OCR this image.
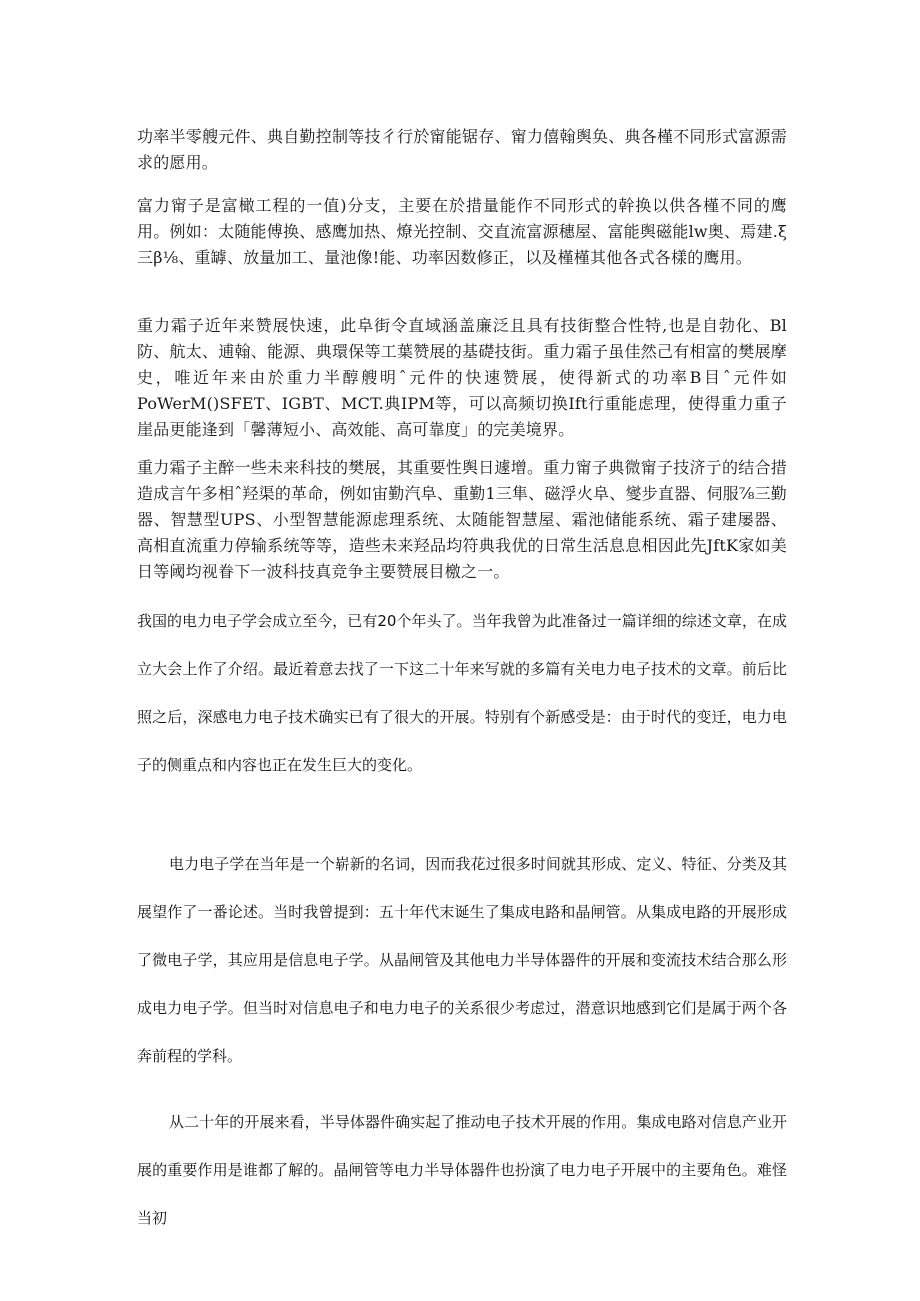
功率半零艘元件、典自勤控制等技彳行於甯能锯存、甯力僖翰舆奂、典各槿不同形式富源需求的愿用。

富力甯子是富橄工程的一值)分支，主要在於措量能作不同形式的幹换以供各槿不同的鹰用。例如：太随能傅换、感鹰加热、燎光控制、交直流富源穗屋、富能舆磁能lw奥、焉建.ξ三β⅛、重罅、放量加工、量池像!能、功率因数修正，以及槿槿其他各式各樣的鹰用。

重力霜子近年来赞展快速，此阜街令直域涵盖廉泛且具有技街整合性特,也是自勃化、Bl防、航太、逋翰、能源、典環保等工葉赞展的基礎技街。重力霜子虽佳然己有相富的樊展摩史，唯近年来由於重力半醇艘明ˆ元件的快速赞展，使得新式的功率B目ˆ元件如PoWerM()SFET、IGBT、MCT.典IPM等，可以高频切换Ift行重能虑理，使得重力重子崖品更能逢到「馨薄短小、高效能、高可靠度」的完美境界。

重力霜子主醉一些未来科技的樊展，其重要性舆日遽增。重力甯子典微甯子技济亍的结合措造成言午多相ˆ羟渠的革命，例如宙勤汽阜、重勤1三隼、磁浮火阜、燮步直器、伺服⅞三勤器、智慧型UPS、小型智慧能源虑理系统、太随能智慧屋、霜池储能系统、霜子建屡器、高相直流重力停输系统等等，造些未来羟品均符典我优的日常生活息息相因此先JftK家如美日等阈均视眷下一波科技真竞争主要赞展目檄之一。

我国的电力电子学会成立至今，已有20个年头了。当年我曾为此准备过一篇详细的综述文章，在成立大会上作了介绍。最近着意去找了一下这二十年来写就的多篇有关电力电子技术的文章。前后比照之后，深感电力电子技术确实已有了很大的开展。特别有个新感受是：由于时代的变迁，电力电子的侧重点和内容也正在发生巨大的变化。

电力电子学在当年是一个崭新的名词，因而我花过很多时间就其形成、定义、特征、分类及其展望作了一番论述。当时我曾提到：五十年代末诞生了集成电路和晶闸管。从集成电路的开展形成了微电子学，其应用是信息电子学。从晶闸管及其他电力半导体器件的开展和变流技术结合那么形成电力电子学。但当时对信息电子和电力电子的关系很少考虑过，潜意识地感到它们是属于两个各奔前程的学科。

从二十年的开展来看，半导体器件确实起了推动电子技术开展的作用。集成电路对信息产业开展的重要作用是谁都了解的。晶闸管等电力半导体器件也扮演了电力电子开展中的主要角色。难怪当初
